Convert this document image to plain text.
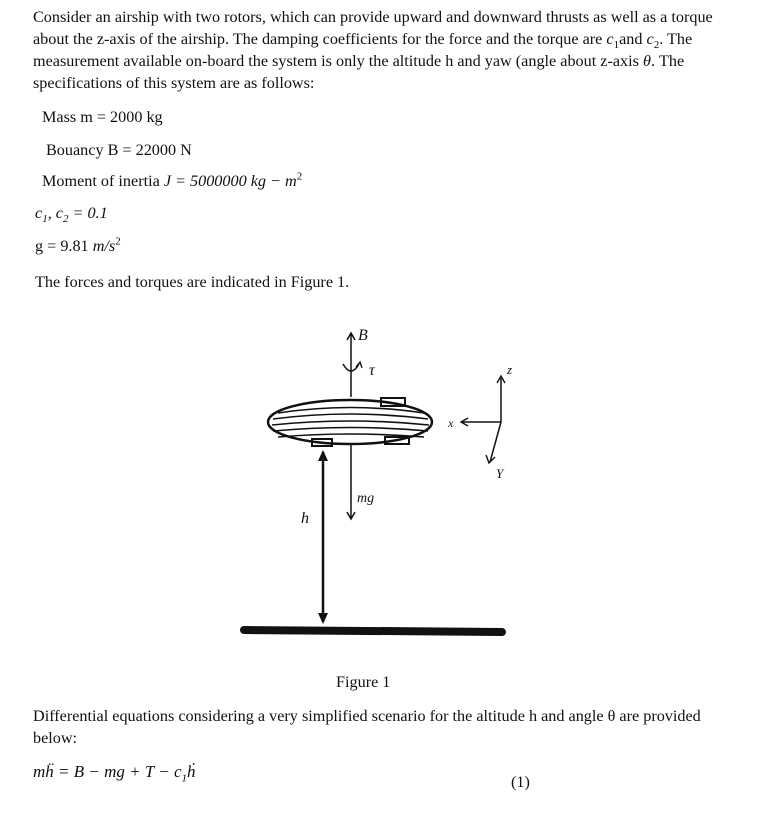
Consider an airship with two rotors, which can provide upward and downward thrusts as well as a torque about the z-axis of the airship. The damping coefficients for the force and the torque are $c_1and$ $c_2$. The measurement available on-board the system is only the altitude h and yaw (angle about z-axis θ. The specifications of this system are as follows:
Mass m = 2000 kg
Bouancy B = 22000 N
Moment of inertia J = 5000000 kg − $m^2$
$c_1$, $c_2 = 0.1$
g = 9.81 $m/s^2$
The forces and torques are indicated in Figure 1.
B
τ
mg
h
z
x
Y
Figure 1
Differential equations considering a very simplified scenario for the altitude h and angle θ are provided below:
mḧ = B − mg + $T - c_1ḣ$
(1)
